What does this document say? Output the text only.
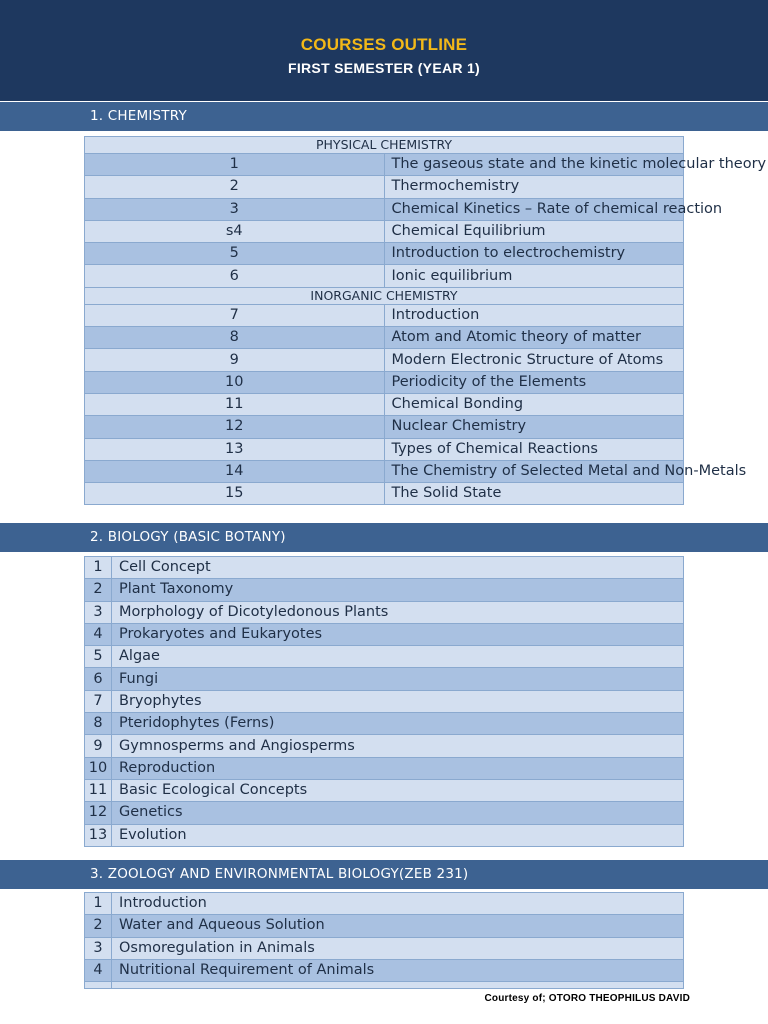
COURSES OUTLINE
FIRST SEMESTER (YEAR 1)
1. CHEMISTRY
PHYSICAL CHEMISTRY	
1	The gaseous state and the kinetic molecular theory
2	Thermochemistry
3	Chemical Kinetics – Rate of chemical reaction
s4	Chemical Equilibrium
5	Introduction to electrochemistry
6	Ionic equilibrium
INORGANIC CHEMISTRY	
7	Introduction
8	Atom and Atomic theory of matter
9	Modern Electronic Structure of Atoms
10	Periodicity of the Elements
11	Chemical Bonding
12	Nuclear Chemistry
13	Types of Chemical Reactions
14	The Chemistry of Selected Metal and Non-Metals
15	The Solid State
2. BIOLOGY (BASIC BOTANY)
1	Cell Concept
2	Plant Taxonomy
3	Morphology of Dicotyledonous Plants
4	Prokaryotes and Eukaryotes
5	Algae
6	Fungi
7	Bryophytes
8	Pteridophytes (Ferns)
9	Gymnosperms and Angiosperms
10	Reproduction
11	Basic Ecological Concepts
12	Genetics
13	Evolution
3. ZOOLOGY AND ENVIRONMENTAL BIOLOGY(ZEB 231)
1	Introduction
2	Water and Aqueous Solution
3	Osmoregulation in Animals
4	Nutritional Requirement of Animals

Courtesy of; OTORO THEOPHILUS DAVID
